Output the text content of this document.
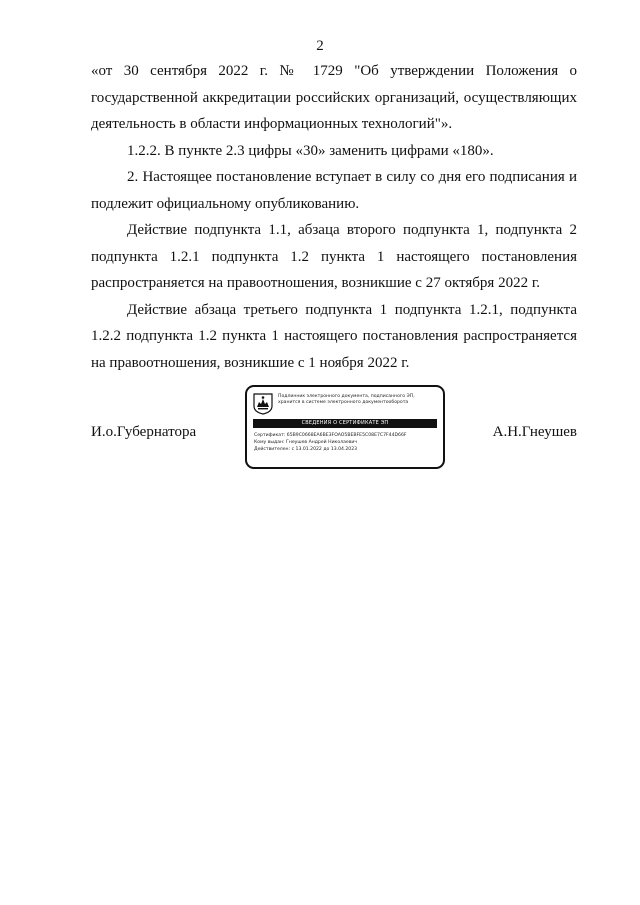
2

«от 30 сентября 2022 г. № 1729 "Об утверждении Положения о государственной аккредитации российских организаций, осуществляющих деятельность в области информационных технологий"».

1.2.2. В пункте 2.3 цифры «30» заменить цифрами «180».

2. Настоящее постановление вступает в силу со дня его подписания и подлежит официальному опубликованию.

Действие подпункта 1.1, абзаца второго подпункта 1, подпункта 2 подпункта 1.2.1 подпункта 1.2 пункта 1 настоящего постановления распространяется на правоотношения, возникшие с 27 октября 2022 г.

Действие абзаца третьего подпункта 1 подпункта 1.2.1, подпункта 1.2.2 подпункта 1.2 пункта 1 настоящего постановления распространяется на правоотношения, возникшие с 1 ноября 2022 г.

И.о.Губернатора
Подлинник электронного документа, подписанного ЭП,
хранится в системе электронного документооборота
СВЕДЕНИЯ О СЕРТИФИКАТЕ ЭП
Сертификат: 65B9C0668EA6BE3FOAO5BEBFE5C08E7C7F44D66F
Кому выдан: Гнеушев Андрей Николаевич
Действителен: с 13.01.2022 до 13.04.2023
А.Н.Гнеушев
